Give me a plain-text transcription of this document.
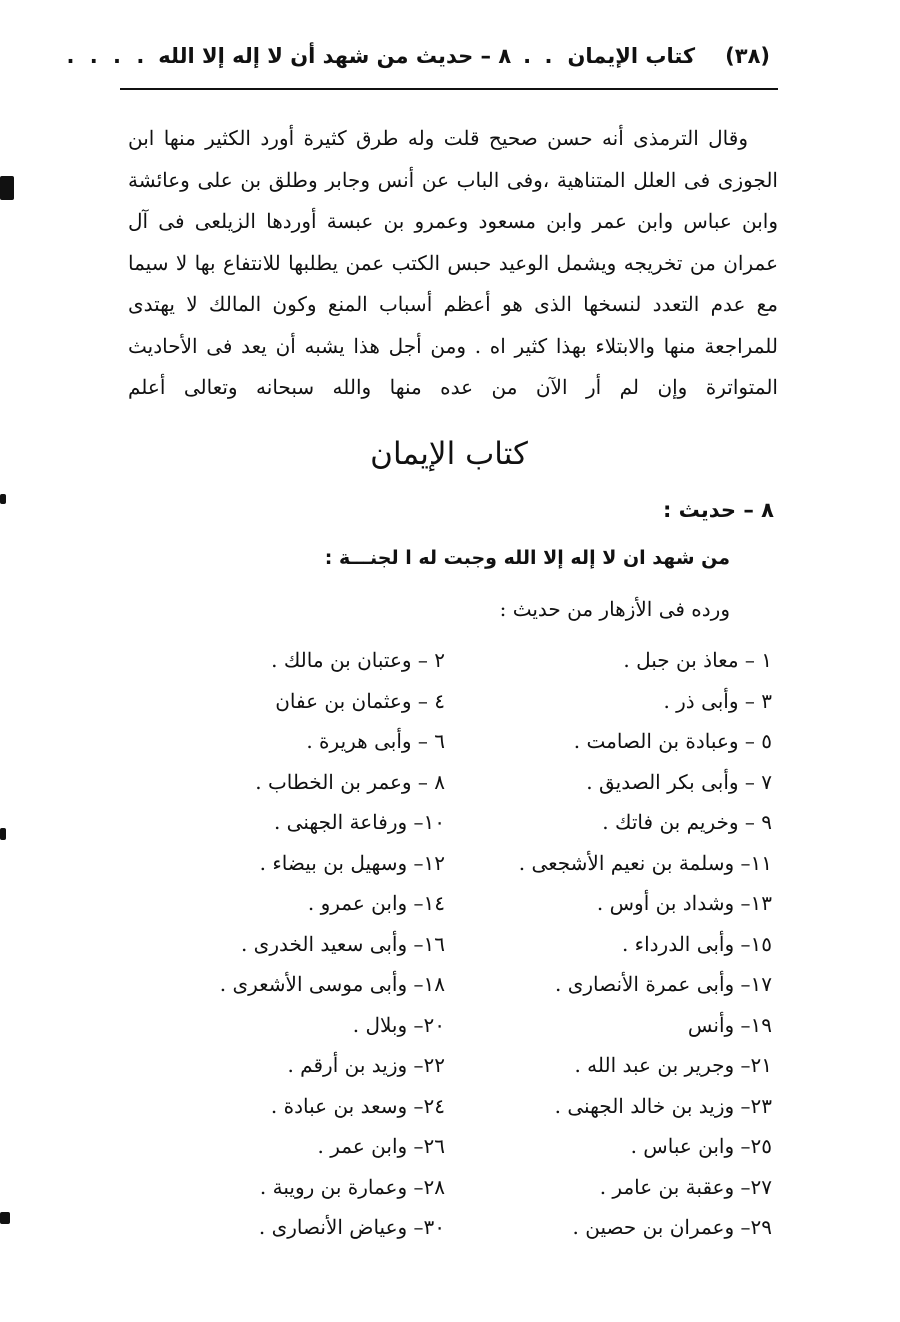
(٣٨)
كتاب الإيمان
. .
٨ – حديث من شهد أن لا إله إلا الله
. . . .

وقال الترمذى أنه حسن صحيح قلت وله طرق كثيرة أورد الكثير منها ابن الجوزى فى العلل المتناهية ،وفى الباب عن أنس وجابر وطلق بن على وعائشة وابن عباس وابن عمر وابن مسعود وعمرو بن عبسة أوردها الزيلعى فى آل عمران من تخريجه ويشمل الوعيد حبس الكتب عمن يطلبها للانتفاع بها لا سيما مع عدم التعدد لنسخها الذى هو أعظم أسباب المنع وكون المالك لا يهتدى للمراجعة منها والابتلاء بهذا كثير اه . ومن أجل هذا يشبه أن يعد فى الأحاديث المتواترة وإن لم أر الآن من عده منها والله سبحانه وتعالى أعلم

كتاب الإيمان
٨ – حديث :
من شهد ان لا إله إلا الله وجبت له ا لجنـــة :
ورده فى الأزهار من حديث :
١ – معاذ بن جبل .
٢ – وعتبان بن مالك .
٣ – وأبى ذر .
٤ – وعثمان بن عفان
٥ – وعبادة بن الصامت .
٦ – وأبى هريرة .
٧ – وأبى بكر الصديق .
٨ – وعمر بن الخطاب .
٩ – وخريم بن فاتك .
١٠– ورفاعة الجهنى .
١١– وسلمة بن نعيم الأشجعى .
١٢– وسهيل بن بيضاء .
١٣– وشداد بن أوس .
١٤– وابن عمرو .
١٥– وأبى الدرداء .
١٦– وأبى سعيد الخدرى .
١٧– وأبى عمرة الأنصارى .
١٨– وأبى موسى الأشعرى .
١٩– وأنس
٢٠– وبلال .
٢١– وجرير بن عبد الله .
٢٢– وزيد بن أرقم .
٢٣– وزيد بن خالد الجهنى .
٢٤– وسعد بن عبادة .
٢٥– وابن عباس .
٢٦– وابن عمر .
٢٧– وعقبة بن عامر .
٢٨– وعمارة بن رويبة .
٢٩– وعمران بن حصين .
٣٠– وعياض الأنصارى .
